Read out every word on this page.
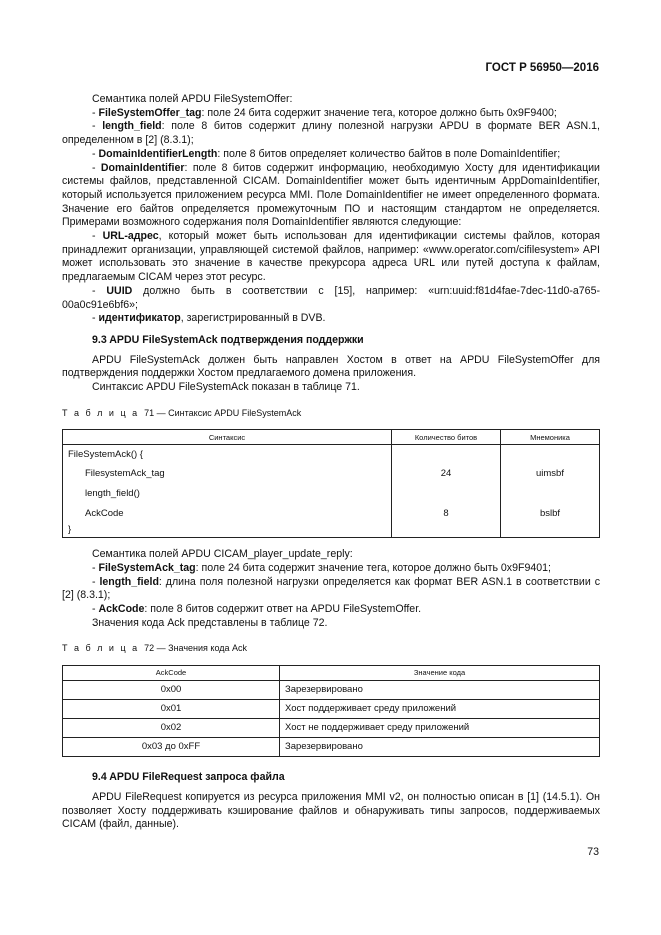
ГОСТ Р 56950—2016

Семантика полей APDU FileSystemOffer:

- FileSystemOffer_tag: поле 24 бита содержит значение тега, которое должно быть 0x9F9400;

- length_field: поле 8 битов содержит длину полезной нагрузки APDU в формате BER ASN.1, определенном в [2] (8.3.1);

- DomainIdentifierLength: поле 8 битов определяет количество байтов в поле DomainIdentifier;

- DomainIdentifier: поле 8 битов содержит информацию, необходимую Хосту для идентификации системы файлов, представленной CICAM. DomainIdentifier может быть идентичным AppDomainIdentifier, который используется приложением ресурса MMI. Поле DomainIdentifier не имеет определенного формата. Значение его байтов определяется промежуточным ПО и настоящим стандартом не определяется. Примерами возможного содержания поля DomainIdentifier являются следующие:

- URL-адрес, который может быть использован для идентификации системы файлов, которая принадлежит организации, управляющей системой файлов, например: «www.operator.com/cifilesystem» API может использовать это значение в качестве прекурсора адреса URL или путей доступа к файлам, предлагаемым CICAM через этот ресурс.

- UUID должно быть в соответствии с [15], например: «urn:uuid:f81d4fae-7dec-11d0-a765-00a0c91e6bf6»;

- идентификатор, зарегистрированный в DVB.

9.3 APDU FileSystemAck подтверждения поддержки

APDU FileSystemAck должен быть направлен Хостом в ответ на APDU FileSystemOffer для подтверждения поддержки Хостом предлагаемого домена приложения.

Синтаксис APDU FileSystemAck показан в таблице 71.

Т а б л и ц а 71 — Синтаксис APDU FileSystemAck

Синтаксис	Количество битов	Мнемоника
FileSystemAck() {		
FilesystemAck_tag	24	uimsbf
length_field()		
AckCode	8	bslbf
}		

Семантика полей APDU CICAM_player_update_reply:

- FileSystemAck_tag: поле 24 бита содержит значение тега, которое должно быть 0x9F9401;

- length_field: длина поля полезной нагрузки определяется как формат BER ASN.1 в соответствии с [2] (8.3.1);

- AckCode: поле 8 битов содержит ответ на APDU FileSystemOffer.

Значения кода Ack представлены в таблице 72.

Т а б л и ц а 72 — Значения кода Ack

AckCode	Значение кода
0x00	Зарезервировано
0x01	Хост поддерживает среду приложений
0x02	Хост не поддерживает среду приложений
0x03 до 0xFF	Зарезервировано

9.4 APDU FileRequest запроса файла

APDU FileRequest копируется из ресурса приложения MMI v2, он полностью описан в [1] (14.5.1). Он позволяет Хосту поддерживать кэширование файлов и обнаруживать типы запросов, поддерживаемых CICAM (файл, данные).

73
